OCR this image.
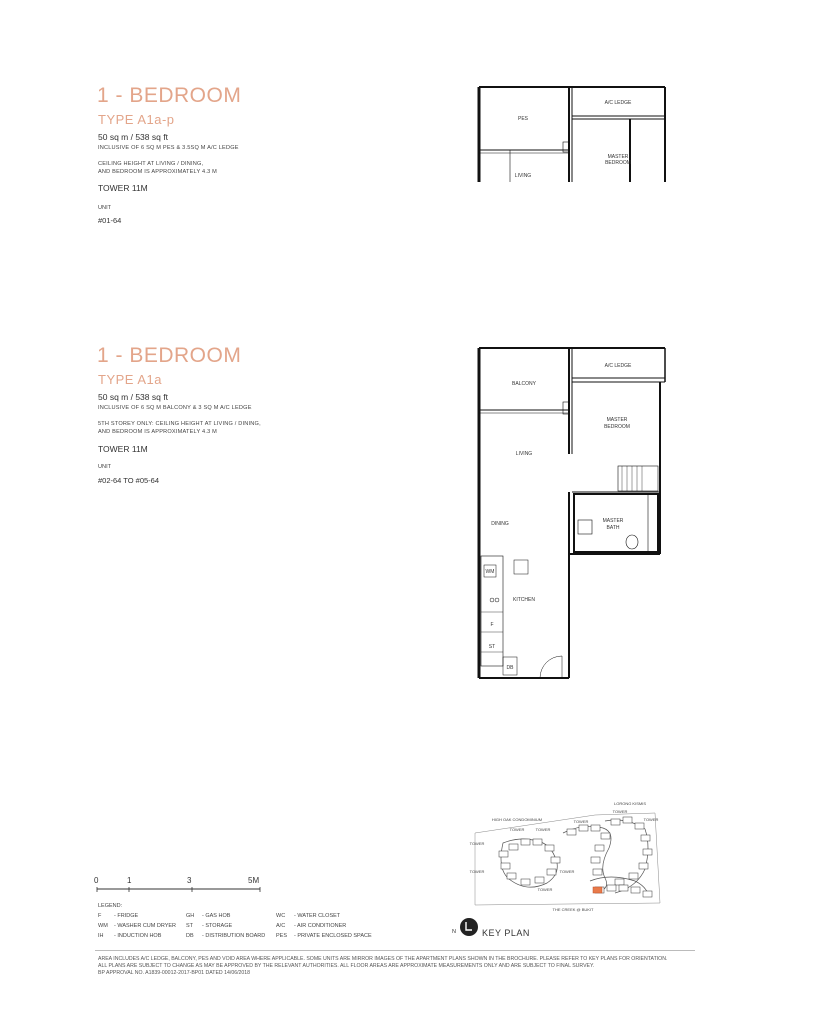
1 - BEDROOM
TYPE A1a-p
50 sq m / 538 sq ft
INCLUSIVE OF 6 SQ M PES & 3.5SQ M A/C LEDGE
CEILING HEIGHT AT LIVING / DINING,
AND BEDROOM IS APPROXIMATELY 4.3 M
TOWER 11M
UNIT
#01-64
A/C LEDGE
PES
LIVING
MASTER
BEDROOM
1 - BEDROOM
TYPE A1a
50 sq m / 538 sq ft
INCLUSIVE OF 6 SQ M BALCONY & 3 SQ M A/C LEDGE
5TH STOREY ONLY: CEILING HEIGHT AT LIVING / DINING,
AND BEDROOM IS APPROXIMATELY 4.3 M
TOWER 11M
UNIT
#02-64 TO #05-64
A/C LEDGE
BALCONY
MASTER
BEDROOM
LIVING
MASTER
BATH
DINING
KITCHEN
WM
F
ST
DB
0	1	3	5M
LEGEND:
F - FRIDGE	GH - GAS HOB	WC - WATER CLOSET
WM - WASHER CUM DRYER ST - STORAGE	A/C - AIR CONDITIONER
IH - INDUCTION HOB	DB - DISTRIBUTION BOARD PES - PRIVATE ENCLOSED SPACE
LORONG KISMIS
HIGH OAK CONDOMINIUM
THE CREEK @ BUKIT
TOWER	TOWER
TOWER
TOWER
TOWER
TOWER
TOWER	TOWER
TOWER
N	KEY PLAN
AREA INCLUDES A/C LEDGE, BALCONY, PES AND VOID AREA WHERE APPLICABLE. SOME UNITS ARE MIRROR IMAGES OF THE APARTMENT PLANS SHOWN IN THE BROCHURE. PLEASE REFER TO KEY PLANS FOR ORIENTATION.
ALL PLANS ARE SUBJECT TO CHANGE AS MAY BE APPROVED BY THE RELEVANT AUTHORITIES. ALL FLOOR AREAS ARE APPROXIMATE MEASUREMENTS ONLY AND ARE SUBJECT TO FINAL SURVEY.
BP APPROVAL NO. A1839-00012-2017-BP01 DATED 14/06/2018
